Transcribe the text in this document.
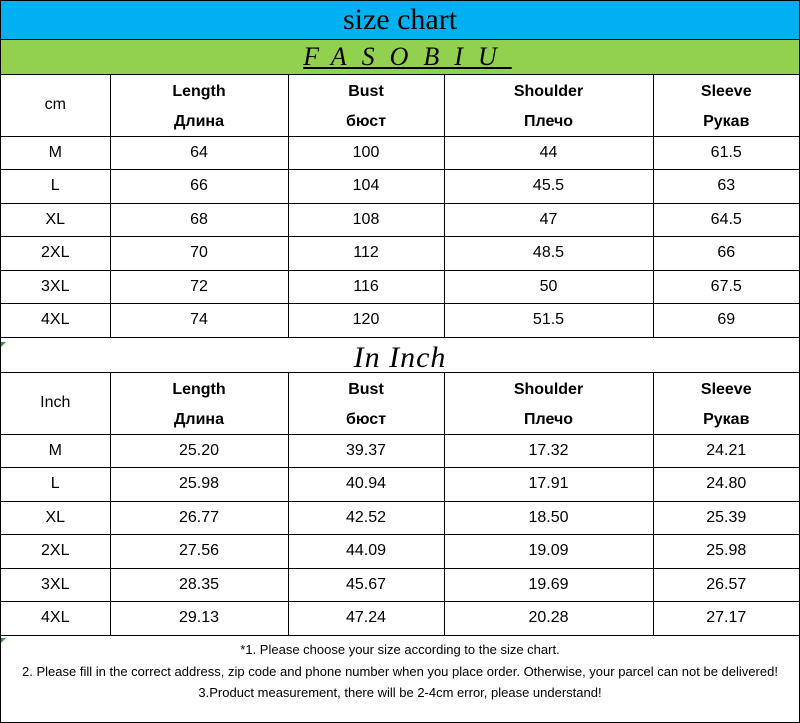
size chart
FASOBIU
cm	Length	Bust	Shoulder	Sleeve
	Длина	бюст	Плечо	Рукав
M	64	100	44	61.5
L	66	104	45.5	63
XL	68	108	47	64.5
2XL	70	112	48.5	66
3XL	72	116	50	67.5
4XL	74	120	51.5	69
In Inch
Inch	Length	Bust	Shoulder	Sleeve
	Длина	бюст	Плечо	Рукав
M	25.20	39.37	17.32	24.21
L	25.98	40.94	17.91	24.80
XL	26.77	42.52	18.50	25.39
2XL	27.56	44.09	19.09	25.98
3XL	28.35	45.67	19.69	26.57
4XL	29.13	47.24	20.28	27.17
*1. Please choose your size according to the size chart.
2. Please fill in the correct address, zip code and phone number when you place order. Otherwise, your parcel can not be delivered!
3.Product measurement, there will be 2-4cm error, please understand!
